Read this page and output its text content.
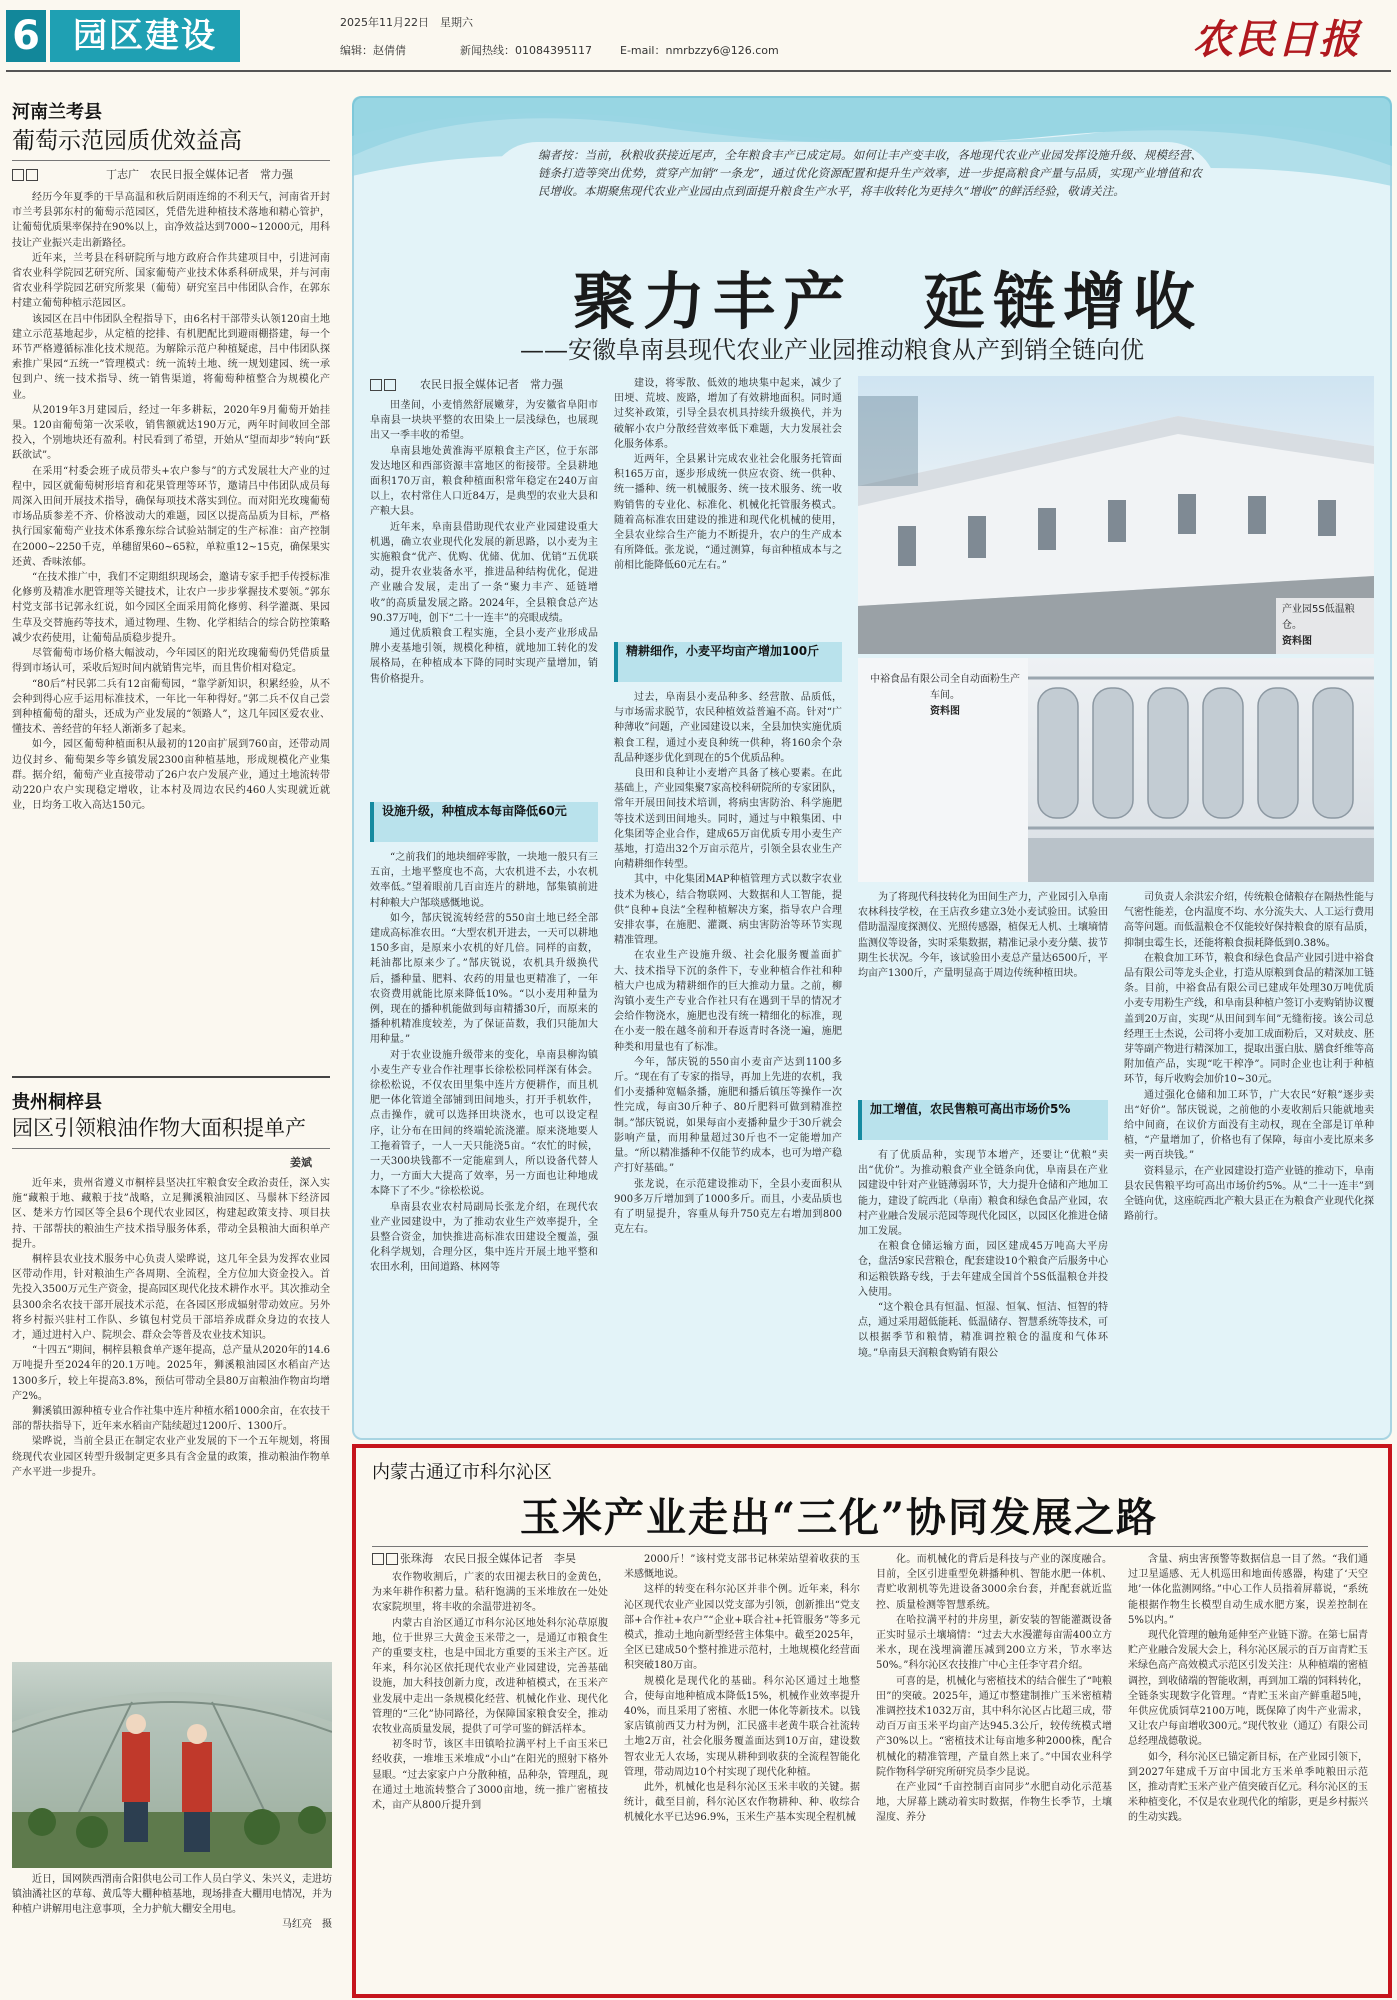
6 园区建设	2025年11月22日　星期六
编辑：赵倩倩	新闻热线：01084395117	E-mail：nmrbzzy6@126.com	农民日报
河南兰考县
葡萄示范园质优效益高
　　　　　　丁志广　农民日报全媒体记者　常力强

经历今年夏季的干旱高温和秋后阴雨连绵的不利天气，河南省开封市兰考县郭东村的葡萄示范园区，凭借先进种植技术落地和精心管护，让葡萄优质果率保持在90%以上，亩净效益达到7000~12000元，用科技让产业振兴走出新路径。

近年来，兰考县在科研院所与地方政府合作共建项目中，引进河南省农业科学院园艺研究所、国家葡萄产业技术体系科研成果，并与河南省农业科学院园艺研究所浆果（葡萄）研究室吕中伟团队合作，在郭东村建立葡萄种植示范园区。

该园区在吕中伟团队全程指导下，由6名村干部带头认领120亩土地建立示范基地起步，从定植的挖排、有机肥配比到避雨棚搭建，每一个环节严格遵循标准化技术规范。为解除示范户种植疑虑，吕中伟团队探索推广果园“五统一”管理模式：统一流转土地、统一规划建园、统一承包到户、统一技术指导、统一销售渠道，将葡萄种植整合为规模化产业。

从2019年3月建园后，经过一年多耕耘，2020年9月葡萄开始挂果。120亩葡萄第一次采收，销售额就达190万元，两年时间收回全部投入，个别地块还有盈利。村民看到了希望，开始从“望而却步”转向“跃跃欲试”。

在采用“村委会班子成员带头+农户参与”的方式发展壮大产业的过程中，园区就葡萄树形培育和花果管理等环节，邀请吕中伟团队成员每周深入田间开展技术指导，确保每项技术落实到位。而对阳光玫瑰葡萄市场品质参差不齐、价格波动大的难题，园区以提高品质为目标，严格执行国家葡萄产业技术体系豫东综合试验站制定的生产标准：亩产控制在2000~2250千克，单穗留果60~65粒，单粒重12~15克，确保果实还黄、香味浓郁。

“在技术推广中，我们不定期组织现场会，邀请专家手把手传授标准化修剪及精准水肥管理等关键技术，让农户一步步掌握技术要领。”郭东村党支部书记郭永红说，如今园区全面采用简化修剪、科学灌溉、果园生草及交替施药等技术，通过物理、生物、化学相结合的综合防控策略减少农药使用，让葡萄品质稳步提升。

尽管葡萄市场价格大幅波动，今年园区的阳光玫瑰葡萄仍凭借质量得到市场认可，采收后短时间内就销售完毕，而且售价相对稳定。

“80后”村民郭二兵有12亩葡萄园，“靠学新知识，积累经验，从不会种到得心应手运用标准技术，一年比一年种得好。”郭二兵不仅自己尝到种植葡萄的甜头，还成为产业发展的“领路人”，这几年园区爱农业、懂技术、善经营的年轻人渐渐多了起来。

如今，园区葡萄种植面积从最初的120亩扩展到760亩，还带动周边仪封乡、葡萄架乡等乡镇发展2300亩种植基地，形成规模化产业集群。据介绍，葡萄产业直接带动了26户农户发展产业，通过土地流转带动220户农户实现稳定增收，让本村及周边农民约460人实现就近就业，日均务工收入高达150元。

贵州桐梓县
园区引领粮油作物大面积提单产
姜斌

近年来，贵州省遵义市桐梓县坚决扛牢粮食安全政治责任，深入实施“藏粮于地、藏粮于技”战略，立足狮溪粮油园区、马鬃林下经济园区、楚米方竹园区等全县6个现代农业园区，构建起政策支持、项目扶持、干部帮扶的粮油生产技术指导服务体系，带动全县粮油大面积单产提升。

桐梓县农业技术服务中心负责人梁晔说，这几年全县为发挥农业园区带动作用，针对粮油生产各周期、全流程，全方位加大资金投入。首先投入3500万元生产资金，提高园区现代化技术耕作水平。其次推动全县300余名农技干部开展技术示范，在各园区形成辐射带动效应。另外将乡村振兴驻村工作队、乡镇包村党员干部培养成群众身边的农技人才，通过进村入户、院坝会、群众会等普及农业技术知识。

“十四五”期间，桐梓县粮食单产逐年提高，总产量从2020年的14.6万吨提升至2024年的20.1万吨。2025年，狮溪粮油园区水稻亩产达1300多斤，较上年提高3.8%，预估可带动全县80万亩粮油作物亩均增产2%。

狮溪镇田源种植专业合作社集中连片种植水稻1000余亩，在农技干部的帮扶指导下，近年来水稻亩产陆续超过1200斤、1300斤。

梁晔说，当前全县正在制定农业产业发展的下一个五年规划，将围绕现代农业园区转型升级制定更多具有含金量的政策，推动粮油作物单产水平进一步提升。

近日，国网陕西渭南合阳供电公司工作人员白学义、朱兴义，走进坊镇油潏社区的草莓、黄瓜等大棚种植基地，现场排查大棚用电情况，并为种植户讲解用电注意事项，全力护航大棚安全用电。
马红亮　摄
编者按：当前，秋粮收获接近尾声，全年粮食丰产已成定局。如何让丰产变丰收，各地现代农业产业园发挥设施升级、规模经营、链条打造等突出优势，赏穿产加销“一条龙”，通过优化资源配置和提升生产效率，进一步提高粮食产量与品质，实现产业增值和农民增收。本期聚焦现代农业产业园由点到面提升粮食生产水平，将丰收转化为更持久“增收”的鲜活经验，敬请关注。
聚力丰产　延链增收
——安徽阜南县现代农业产业园推动粮食从产到销全链向优
　　农民日报全媒体记者　常力强

田垄间，小麦悄然舒展嫩芽，为安徽省阜阳市阜南县一块块平整的农田染上一层浅绿色，也展现出又一季丰收的希望。

阜南县地处黄淮海平原粮食主产区，位于东部发达地区和西部资源丰富地区的衔接带。全县耕地面积170万亩，粮食种植面积常年稳定在240万亩以上，农村常住人口近84万，是典型的农业大县和产粮大县。

近年来，阜南县借助现代农业产业园建设重大机遇，确立农业现代化发展的新思路，以小麦为主实施粮食“优产、优购、优储、优加、优销”五优联动，提升农业装备水平，推进品种结构优化，促进产业融合发展，走出了一条“聚力丰产、延链增收”的高质量发展之路。2024年，全县粮食总产达90.37万吨，创下“二十一连丰”的亮眼成绩。

通过优质粮食工程实施，全县小麦产业形成品牌小麦基地引领，规模化种植，就地加工转化的发展格局，在种植成本下降的同时实现产量增加，销售价格提升。

设施升级，种植成本每亩降低60元

“之前我们的地块细碎零散，一块地一般只有三五亩，土地平整度也不高，大农机进不去，小农机效率低。”望着眼前几百亩连片的耕地，郜集镇前进村种粮大户郜琰感慨地说。

如今，郜庆锐流转经营的550亩土地已经全部建成高标准农田。“大型农机开进去，一天可以耕地150多亩，是原来小农机的好几倍。同样的亩数，耗油都比原来少了。”郜庆锐说，农机具升级换代后，播种量、肥料、农药的用量也更精准了，一年农资费用就能比原来降低10%。“以小麦用种量为例，现在的播种机能做到每亩精播30斤，而原来的播种机精准度较差，为了保证苗数，我们只能加大用种量。”

对于农业设施升级带来的变化，阜南县柳沟镇小麦生产专业合作社理事长徐松松同样深有体会。徐松松说，不仅农田里集中连片方便耕作，而且机肥一体化管道全部铺到田间地头，打开手机软件，点击操作，就可以选择田块浇水，也可以设定程序，让分布在田间的终端轮流浇灌。原来浇地要人工拖着管子，一人一天只能浇5亩。“农忙的时候，一天300块钱都不一定能雇到人，所以设备代替人力，一方面大大提高了效率，另一方面也让种地成本降下了不少。”徐松松说。

阜南县农业农村局副局长张龙介绍，在现代农业产业园建设中，为了推动农业生产效率提升，全县整合资金，加快推进高标准农田建设全覆盖，强化科学规划，合理分区，集中连片开展土地平整和农田水利，田间道路、林网等

建设，将零散、低效的地块集中起来，减少了田埂、荒坡、废路，增加了有效耕地面积。同时通过奖补政策，引导全县农机具持续升级换代，并为破解小农户分散经营效率低下难题，大力发展社会化服务体系。

近两年，全县累计完成农业社会化服务托管面积165万亩，逐步形成统一供应农资、统一供种、统一播种、统一机械服务、统一技术服务、统一收购销售的专业化、标准化、机械化托管服务模式。随着高标准农田建设的推进和现代化机械的使用，全县农业综合生产能力不断提升，农户的生产成本有所降低。张龙说，“通过测算，每亩种植成本与之前相比能降低60元左右。”

精耕细作，小麦平均亩产增加100斤

过去，阜南县小麦品种多、经营散、品质低，与市场需求脱节，农民种植效益普遍不高。针对“广种薄收”问题，产业园建设以来，全县加快实施优质粮食工程，通过小麦良种统一供种，将160余个杂乱品种逐步优化到现在的5个优质品种。

良田和良种让小麦增产具备了核心要素。在此基础上，产业园集聚7家高校科研院所的专家团队，常年开展田间技术培训，将病虫害防治、科学施肥等技术送到田间地头。同时，通过与中粮集团、中化集团等企业合作，建成65万亩优质专用小麦生产基地，打造出32个万亩示范片，引领全县农业生产向精耕细作转型。

其中，中化集团MAP种植管理方式以数字农业技术为核心，结合物联网、大数据和人工智能，提供“良种+良法”全程种植解决方案，指导农户合理安排农事，在施肥、灌溉、病虫害防治等环节实现精准管理。

在农业生产设施升级、社会化服务覆盖面扩大、技术指导下沉的条件下，专业种植合作社和种植大户也成为精耕细作的巨大推动力量。之前，柳沟镇小麦生产专业合作社只有在遇到干旱的情况才会给作物浇水，施肥也没有统一精细化的标准，现在小麦一般在越冬前和开春返青时各浇一遍，施肥种类和用量也有了标准。

今年，郜庆锐的550亩小麦亩产达到1100多斤。“现在有了专家的指导，再加上先进的农机，我们小麦播种宽幅条播，施肥和播后镇压等操作一次性完成，每亩30斤种子、80斤肥料可做到精准控制。”郜庆锐说，如果每亩小麦播种量少于30斤就会影响产量，而用种量超过30斤也不一定能增加产量。“所以精准播种不仅能节约成本，也可为增产稳产打好基础。”

张龙说，在示范建设推动下，全县小麦面积从900多万斤增加到了1000多斤。而且，小麦品质也有了明显提升，容重从每升750克左右增加到800克左右。

产业园5S低温粮仓。
资料图
中裕食品有限公司全自动面粉生产车间。
资料图

为了将现代科技转化为田间生产力，产业园引入阜南农林科技学校，在王店孜乡建立3处小麦试验田。试验田借助温湿度探测仪、光照传感器，植保无人机、土壤墒情监测仪等设备，实时采集数据，精准记录小麦分蘖、拔节期生长状况。今年，该试验田小麦总产量达6500斤，平均亩产1300斤，产量明显高于周边传统种植田块。

加工增值，农民售粮可高出市场价5%

有了优质品种，实现节本增产，还要让“优粮”卖出“优价”。为推动粮食产业全链条向优，阜南县在产业园建设中针对产业链薄弱环节，大力提升仓储和产地加工能力，建设了皖西北（阜南）粮食和绿色食品产业园，农村产业融合发展示范园等现代化园区，以园区化推进仓储加工发展。

在粮食仓储运输方面，园区建成45万吨高大平房仓，盘活9家民营粮仓，配套建设10个粮食产后服务中心和运粮铁路专线，于去年建成全国首个5S低温粮仓并投入使用。

“这个粮仓具有恒温、恒湿、恒氧、恒洁、恒智的特点，通过采用超低能耗、低温储存、智慧系统等技术，可以根据季节和粮情，精准调控粮仓的温度和气体环境。”阜南县天润粮食购销有限公

司负责人余洪宏介绍，传统粮仓储粮存在隔热性能与气密性能差，仓内温度不均、水分流失大、人工运行费用高等问题。而低温粮仓不仅能较好保持粮食的原有品质，抑制虫霉生长，还能将粮食损耗降低到0.38%。

在粮食加工环节，粮食和绿色食品产业园引进中裕食品有限公司等龙头企业，打造从原粮到食品的精深加工链条。目前，中裕食品有限公司已建成年处理30万吨优质小麦专用粉生产线，和阜南县种植户签订小麦购销协议覆盖到20万亩，实现“从田间到车间”无缝衔接。该公司总经理王士杰说，公司将小麦加工成面粉后，又对麸皮、胚芽等副产物进行精深加工，提取出蛋白肽、膳食纤维等高附加值产品，实现“吃干榨净”。同时企业也让利于种植环节，每斤收购会加价10~30元。

通过强化仓储和加工环节，广大农民“好粮”逐步卖出“好价”。郜庆锐说，之前他的小麦收割后只能就地卖给中间商，在议价方面没有主动权，现在全部是订单种植，“产量增加了，价格也有了保障，每亩小麦比原来多卖一两百块钱。”

资料显示，在产业园建设打造产业链的推动下，阜南县农民售粮平均可高出市场价约5%。从“二十一连丰”到全链向优，这座皖西北产粮大县正在为粮食产业现代化探路前行。

内蒙古通辽市科尔沁区
玉米产业走出“三化”协同发展之路
张珠海　农民日报全媒体记者　李昊

农作物收割后，广袤的农田褪去秋日的金黄色，为来年耕作积蓄力量。秸秆饱满的玉米堆放在一处处农家院坝里，将丰收的余温带进初冬。

内蒙古自治区通辽市科尔沁区地处科尔沁草原腹地，位于世界三大黄金玉米带之一，是通辽市粮食生产的重要支柱，也是中国北方重要的玉米主产区。近年来，科尔沁区依托现代农业产业园建设，完善基础设施，加大科技创新力度，改进种植模式，在玉米产业发展中走出一条规模化经营、机械化作业、现代化管理的“三化”协同路径，为保障国家粮食安全，推动农牧业高质量发展，提供了可学可鉴的鲜活样本。

初冬时节，该区丰田镇哈拉满平村上千亩玉米已经收获，一堆堆玉米堆成“小山”在阳光的照射下格外显眼。“过去家家户户分散种植，品种杂，管理乱，现在通过土地流转整合了3000亩地，统一推广密植技术，亩产从800斤提升到

2000斤！”该村党支部书记林荣站望着收获的玉米感慨地说。

这样的转变在科尔沁区并非个例。近年来，科尔沁区现代农业产业园以党支部为引领，创新推出“党支部+合作社+农户”“企业+联合社+托管服务”等多元模式，推动土地向新型经营主体集中。截至2025年，全区已建成50个整村推进示范村，土地规模化经营面积突破180万亩。

规模化是现代化的基础。科尔沁区通过土地整合，使每亩地种植成本降低15%，机械作业效率提升40%，而且采用了密植、水肥一体化等新技术。以钱家店镇前西艾力村为例，汇民盛丰老黄牛联合社流转土地2万亩，社会化服务覆盖面达到10万亩，建设数智农业无人农场，实现从耕种到收获的全流程智能化管理，带动周边10个村实现了现代化种植。

此外，机械化也是科尔沁区玉米丰收的关键。据统计，截至目前，科尔沁区农作物耕种、种、收综合机械化水平已达96.9%，玉米生产基本实现全程机械

化。而机械化的背后是科技与产业的深度融合。目前，全区引进重型免耕播种机、智能水肥一体机、青贮收割机等先进设备3000余台套，并配套就近监控、质量检测等智慧系统。

在哈拉满平村的井房里，新安装的智能灌溉设备正实时显示土壤墒情：“过去大水漫灌每亩需400立方米水，现在浅埋滴灌压减到200立方米，节水率达50%。”科尔沁区农技推广中心主任李守君介绍。

可喜的是，机械化与密植技术的结合催生了“吨粮田”的突破。2025年，通辽市整建制推广玉米密植精准调控技术1032万亩，其中科尔沁区占比超三成，带动百万亩玉米平均亩产达945.3公斤，较传统模式增产30%以上。“密植技术让每亩地多种2000株，配合机械化的精准管理，产量自然上来了。”中国农业科学院作物科学研究所研究员李少昆说。

在产业园“千亩控制百亩同步”水肥自动化示范基地，大屏幕上跳动着实时数据，作物生长季节，土壤湿度、养分

含量、病虫害预警等数据信息一目了然。“我们通过卫星遥感、无人机巡田和地面传感器，构建了‘天空地’一体化监测网络。”中心工作人员指着屏幕说，“系统能根据作物生长模型自动生成水肥方案，误差控制在5%以内。”

现代化管理的触角延伸至产业链下游。在第七届青贮产业融合发展大会上，科尔沁区展示的百万亩青贮玉米绿色高产高效模式示范区引发关注：从种植端的密植调控，到收储端的智能收割，再到加工端的饲料转化，全链条实现数字化管理。“青贮玉米亩产鲜重超5吨，年供应优质饲草2100万吨，既保障了肉牛产业需求，又让农户每亩增收300元。”现代牧业（通辽）有限公司总经理战德敬说。

如今，科尔沁区已锚定新目标，在产业园引领下，到2027年建成千万亩中国北方玉米单季吨粮田示范区，推动青贮玉米产业产值突破百亿元。科尔沁区的玉米种植变化，不仅是农业现代化的缩影，更是乡村振兴的生动实践。
